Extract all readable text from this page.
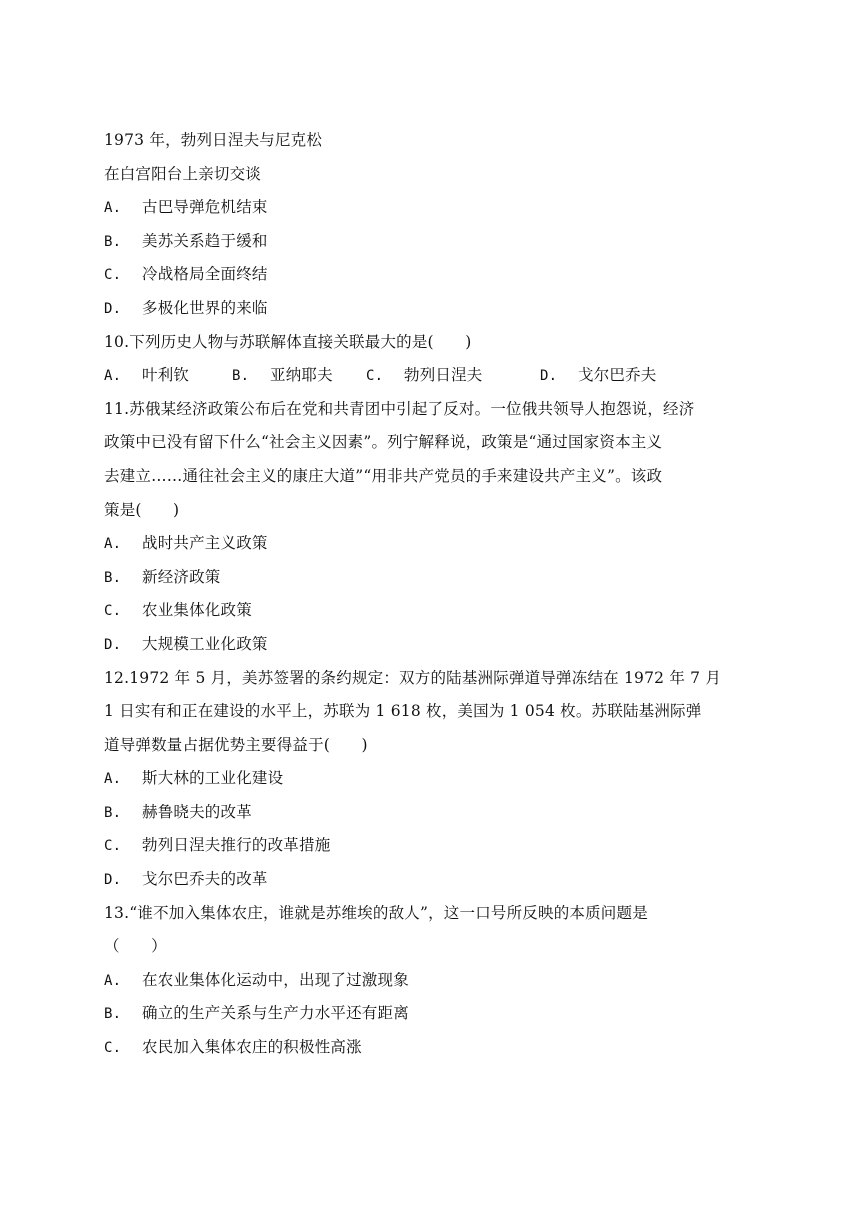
1973 年，勃列日涅夫与尼克松
在白宫阳台上亲切交谈
A.	古巴导弹危机结束
B.	美苏关系趋于缓和
C.	冷战格局全面终结
D.	多极化世界的来临
10.下列历史人物与苏联解体直接关联最大的是(　　)
A.	叶利钦	B.	亚纳耶夫	C.	勃列日涅夫	D.	戈尔巴乔夫
11.苏俄某经济政策公布后在党和共青团中引起了反对。一位俄共领导人抱怨说，经济
政策中已没有留下什么“社会主义因素”。列宁解释说，政策是“通过国家资本主义
去建立……通往社会主义的康庄大道”“用非共产党员的手来建设共产主义”。该政
策是(　　)
A.	战时共产主义政策
B.	新经济政策
C.	农业集体化政策
D.	大规模工业化政策
12.1972 年 5 月，美苏签署的条约规定：双方的陆基洲际弹道导弹冻结在 1972 年 7 月
1 日实有和正在建设的水平上，苏联为 1 618 枚，美国为 1 054 枚。苏联陆基洲际弹
道导弹数量占据优势主要得益于(　　)
A.	斯大林的工业化建设
B.	赫鲁晓夫的改革
C.	勃列日涅夫推行的改革措施
D.	戈尔巴乔夫的改革
13.“谁不加入集体农庄，谁就是苏维埃的敌人”，这一口号所反映的本质问题是
（　　）
A.	在农业集体化运动中，出现了过激现象
B.	确立的生产关系与生产力水平还有距离
C.	农民加入集体农庄的积极性高涨
